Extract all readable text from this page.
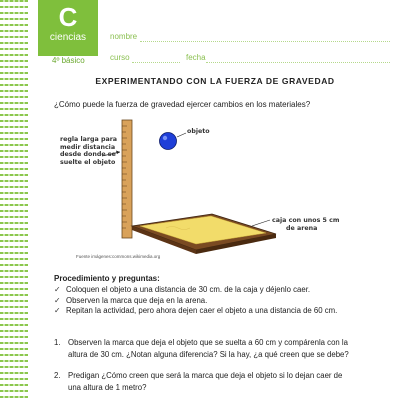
C
ciencias
4º básico
nombre
curso	fecha
EXPERIMENTANDO CON LA FUERZA DE GRAVEDAD
¿Cómo puede la fuerza de gravedad ejercer cambios en los materiales?
regla larga para
medir distancia
desde donde se
suelte el objeto
objeto
caja con unos 5 cm
de arena
Fuente imágenes:commons.wikimedia.org
Procedimiento y preguntas:
✓ Coloquen el objeto a una distancia de 30 cm. de la caja y déjenlo caer.
✓ Observen la marca que deja en la arena.
✓ Repitan la actividad, pero ahora dejen caer el objeto a una distancia de 60 cm.
1. Observen la marca que deja el objeto que se suelta a 60 cm y compárenla con la altura de 30 cm. ¿Notan alguna diferencia? Si la hay, ¿a qué creen que se debe?
2. Predigan ¿Cómo creen que será la marca que deja el objeto si lo dejan caer de una altura de 1 metro?
